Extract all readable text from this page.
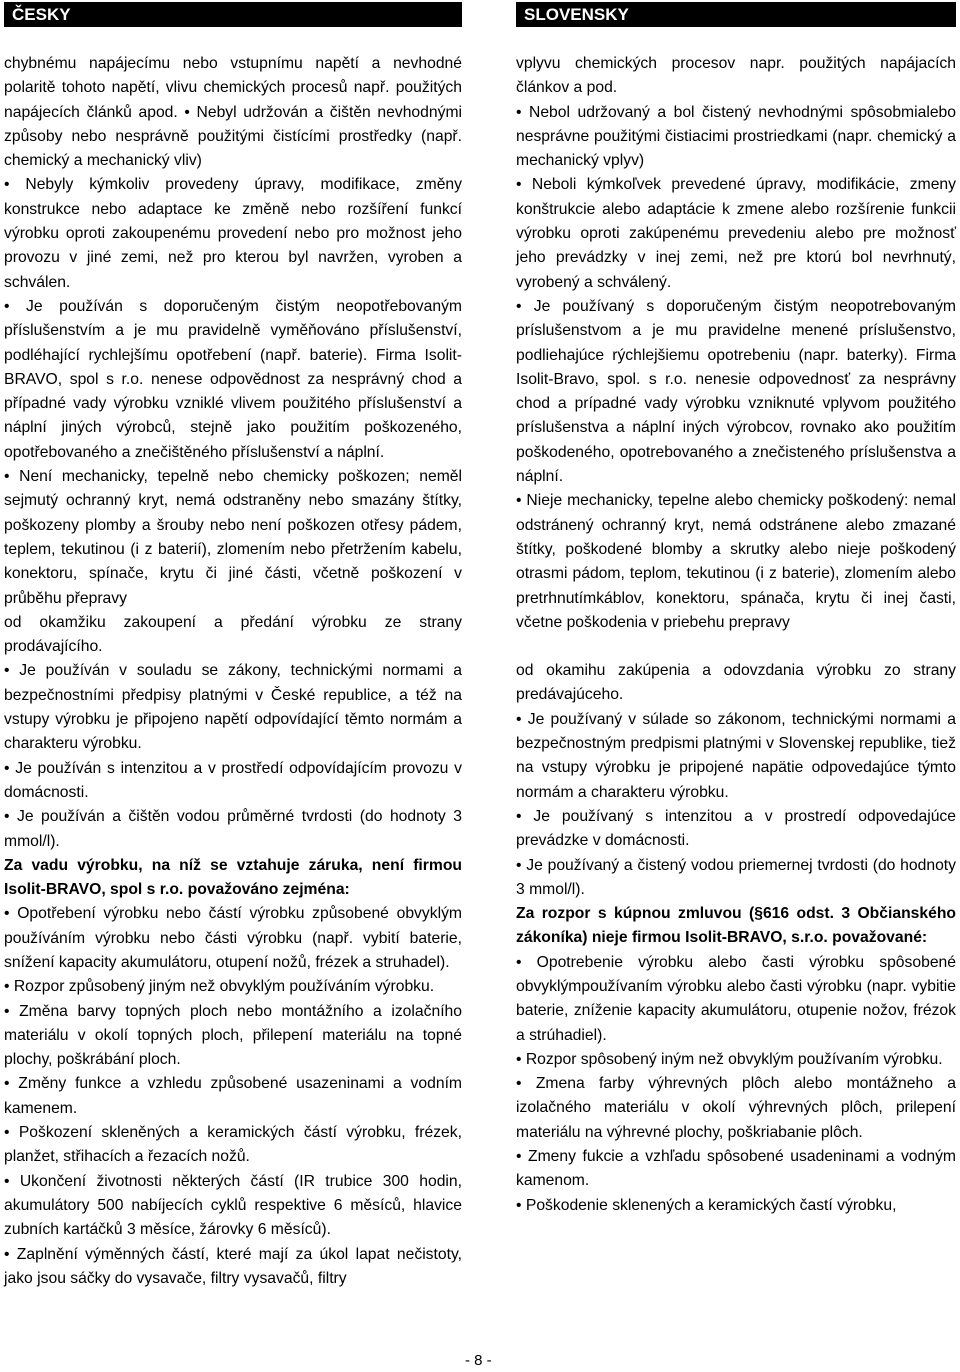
ČESKY

chybnému napájecímu nebo vstupnímu napětí a nevhodné polaritě tohoto napětí, vlivu chemických procesů např. použitých napájecích článků apod. • Nebyl udržován a čištěn nevhodnými způsoby nebo nesprávně použitými čistícími prostředky (např. chemický a mechanický vliv)

• Nebyly kýmkoliv provedeny úpravy, modifikace, změny konstrukce nebo adaptace ke změně nebo rozšíření funkcí výrobku oproti zakoupenému provedení nebo pro možnost jeho provozu v jiné zemi, než pro kterou byl navržen, vyroben a schválen.

• Je používán s doporučeným čistým neopotřebovaným příslušenstvím a je mu pravidelně vyměňováno příslušenství, podléhající rychlejšímu opotřebení (např. baterie). Firma Isolit-BRAVO, spol s r.o. nenese odpovědnost za nesprávný chod a případné vady výrobku vzniklé vlivem použitého příslušenství a náplní jiných výrobců, stejně jako použitím poškozeného, opotřebovaného a znečištěného příslušenství a náplní.

• Není mechanicky, tepelně nebo chemicky poškozen; neměl sejmutý ochranný kryt, nemá odstraněny nebo smazány štítky, poškozeny plomby a šrouby nebo není poškozen otřesy pádem, teplem, tekutinou (i z baterií), zlomením nebo přetržením kabelu, konektoru, spínače, krytu či jiné části, včetně poškození v průběhu přepravy

od okamžiku zakoupení a předání výrobku ze strany prodávajícího.

• Je používán v souladu se zákony, technickými normami a bezpečnostními předpisy platnými v České republice, a též na vstupy výrobku je připojeno napětí odpovídající těmto normám a charakteru výrobku.

• Je používán s intenzitou a v prostředí odpovídajícím provozu v domácnosti.

• Je používán a čištěn vodou průměrné tvrdosti (do hodnoty 3 mmol/l).

Za vadu výrobku, na níž se vztahuje záruka, není firmou Isolit-BRAVO, spol s r.o. považováno zejména:

• Opotřebení výrobku nebo částí výrobku způsobené obvyklým používáním výrobku nebo části výrobku (např. vybití baterie, snížení kapacity akumulátoru, otupení nožů, frézek a struhadel).

• Rozpor způsobený jiným než obvyklým používáním výrobku.

• Změna barvy topných ploch nebo montážního a izolačního materiálu v okolí topných ploch, přilepení materiálu na topné plochy, poškrábání ploch.

• Změny funkce a vzhledu způsobené usazeninami a vodním kamenem.

• Poškození skleněných a keramických částí výrobku, frézek, planžet, střihacích a řezacích nožů.

• Ukončení životnosti některých částí (IR trubice 300 hodin, akumulátory 500 nabíjecích cyklů respektive 6 měsíců, hlavice zubních kartáčků 3 měsíce, žárovky 6 měsíců).

• Zaplnění výměnných částí, které mají za úkol lapat nečistoty, jako jsou sáčky do vysavače, filtry vysavačů, filtry

SLOVENSKY

vplyvu chemických procesov napr. použitých napájacích článkov a pod.

• Nebol udržovaný a bol čistený nevhodnými spôsobmialebo nesprávne použitými čistiacimi prostriedkami (napr. chemický a mechanický vplyv)

• Neboli kýmkoľvek prevedené úpravy, modifikácie, zmeny konštrukcie alebo adaptácie k zmene alebo rozšírenie funkcii výrobku oproti zakúpenému prevedeniu alebo pre možnosť jeho prevádzky v inej zemi, než pre ktorú bol nevrhnutý, vyrobený a schválený.

• Je používaný s doporučeným čistým neopotrebovaným príslušenstvom a je mu pravidelne menené príslušenstvo, podliehajúce rýchlejšiemu opotrebeniu (napr. baterky). Firma Isolit-Bravo, spol. s r.o. nenesie odpovednosť za nesprávny chod a prípadné vady výrobku vzniknuté vplyvom použitého príslušenstva a náplní iných výrobcov, rovnako ako použitím poškodeného, opotrebovaného a znečisteného príslušenstva a náplní.

• Nieje mechanicky, tepelne alebo chemicky poškodený: nemal odstránený ochranný kryt, nemá odstránene alebo zmazané štítky, poškodené blomby a skrutky alebo nieje poškodený otrasmi pádom, teplom, tekutinou (i z baterie), zlomením alebo pretrhnutímkáblov, konektoru, spánača, krytu či inej časti, včetne poškodenia v priebehu prepravy

od okamihu zakúpenia a odovzdania výrobku zo strany predávajúceho.

• Je používaný v súlade so zákonom, technickými normami a bezpečnostným predpismi platnými v Slovenskej republike, tiež na vstupy výrobku je pripojené napätie odpovedajúce týmto normám a charakteru výrobku.

• Je používaný s intenzitou a v prostredí odpovedajúce prevádzke v domácnosti.

• Je používaný a čistený vodou priemernej tvrdosti (do hodnoty 3 mmol/l).

Za rozpor s kúpnou zmluvou (§616 odst. 3 Občianského zákoníka) nieje firmou Isolit-BRAVO, s.r.o. považované:

• Opotrebenie výrobku alebo časti výrobku spôsobené obvyklýmpoužívaním výrobku alebo časti výrobku (napr. vybitie baterie, zníženie kapacity akumulátoru, otupenie nožov, frézok a strúhadiel).

• Rozpor spôsobený iným než obvyklým používaním výrobku.

• Zmena farby výhrevných plôch alebo montážneho a izolačného materiálu v okolí výhrevných plôch, prilepení materiálu na výhrevné plochy, poškriabanie plôch.

• Zmeny fukcie a vzhľadu spôsobené usadeninami a vodným kamenom.

• Poškodenie sklenených a keramických častí výrobku,

- 8 -
